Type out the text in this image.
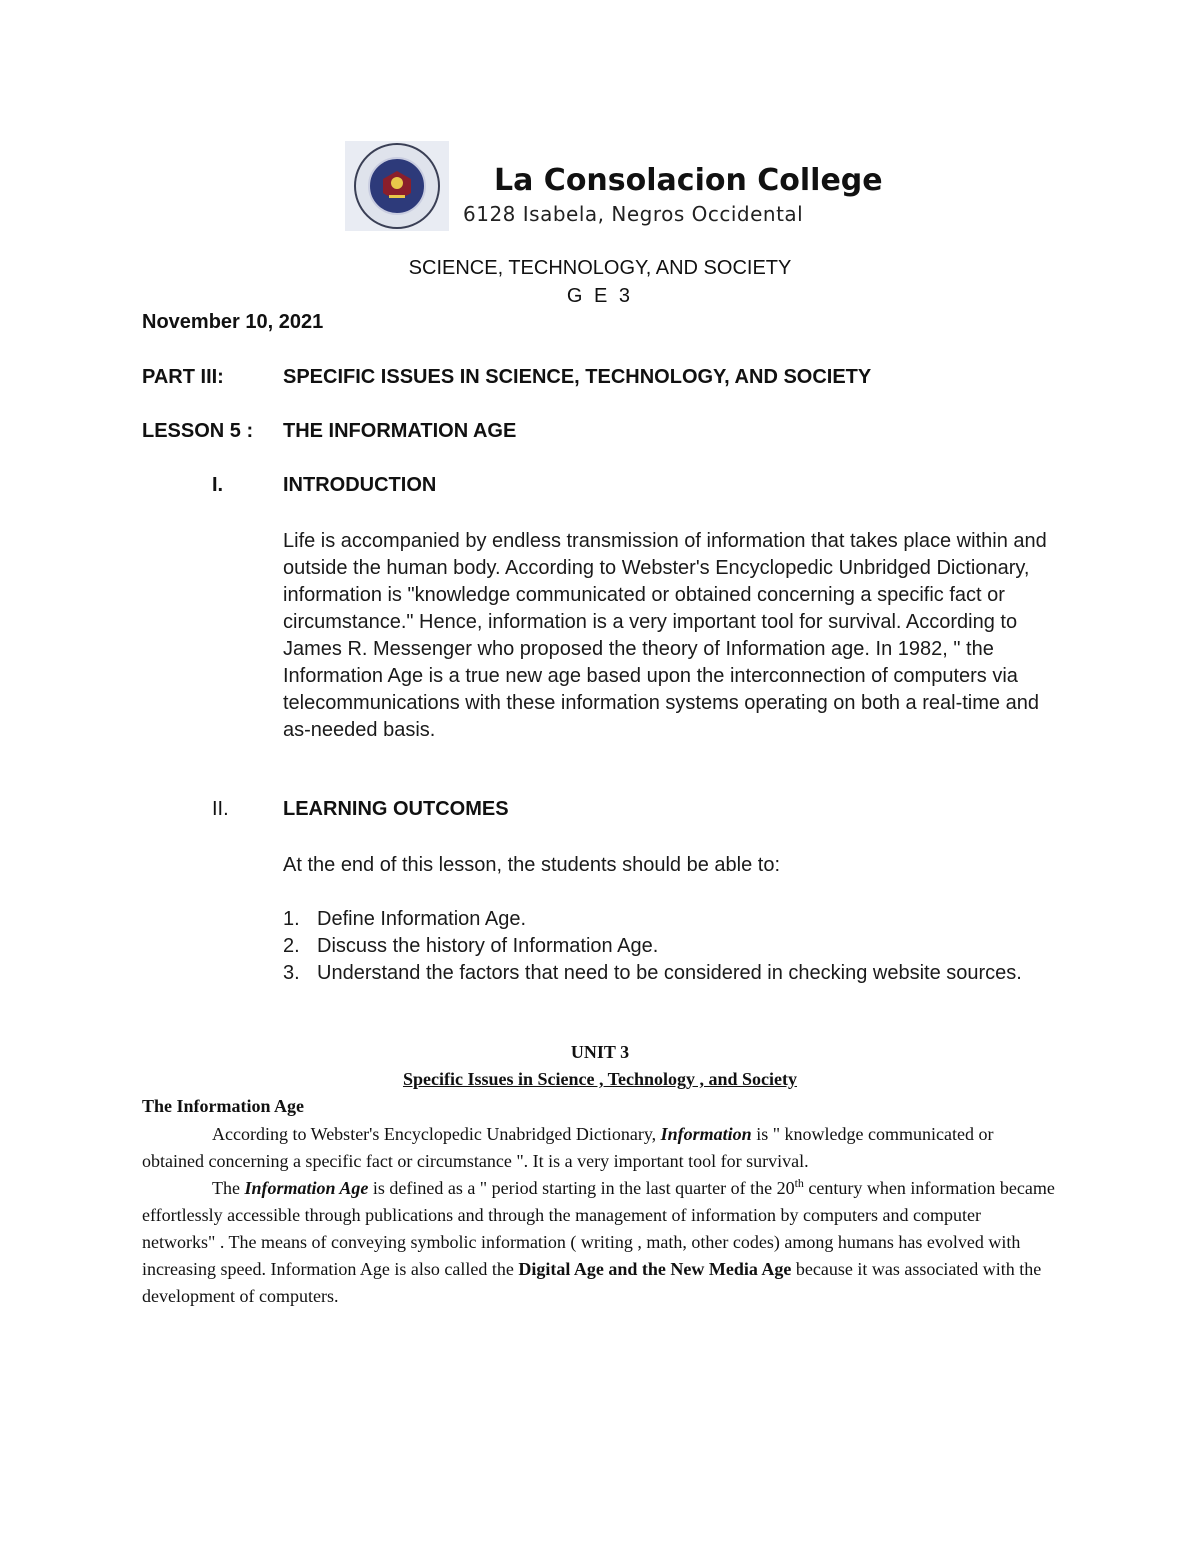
La Consolacion College
6128 Isabela, Negros Occidental
SCIENCE, TECHNOLOGY, AND SOCIETY
G E 3
November 10, 2021
PART III:	SPECIFIC ISSUES IN SCIENCE, TECHNOLOGY, AND SOCIETY
LESSON 5 : THE INFORMATION AGE
I.	INTRODUCTION

Life is accompanied by endless transmission of information that takes place within and outside the human body. According to Webster's Encyclopedic Unbridged Dictionary, information is "knowledge communicated or obtained concerning a specific fact or circumstance." Hence, information is a very important tool for survival. According to James R. Messenger who proposed the theory of Information age. In 1982, " the Information Age is a true new age based upon the interconnection of computers via telecommunications with these information systems operating on both a real-time and as-needed basis.

II.	LEARNING OUTCOMES
At the end of this lesson, the students should be able to:
1. Define Information Age.
2. Discuss the history of Information Age.
3. Understand the factors that need to be considered in checking website sources.
UNIT 3
Specific Issues in Science , Technology , and Society
The Information Age

According to Webster's Encyclopedic Unabridged Dictionary, Information is " knowledge communicated or obtained concerning a specific fact or circumstance ". It is a very important tool for survival.

The Information Age is defined as a " period starting in the last quarter of the 20th century when information became effortlessly accessible through publications and through the management of information by computers and computer networks" . The means of conveying symbolic information ( writing , math, other codes) among humans has evolved with increasing speed. Information Age is also called the Digital Age and the New Media Age because it was associated with the development of computers.
